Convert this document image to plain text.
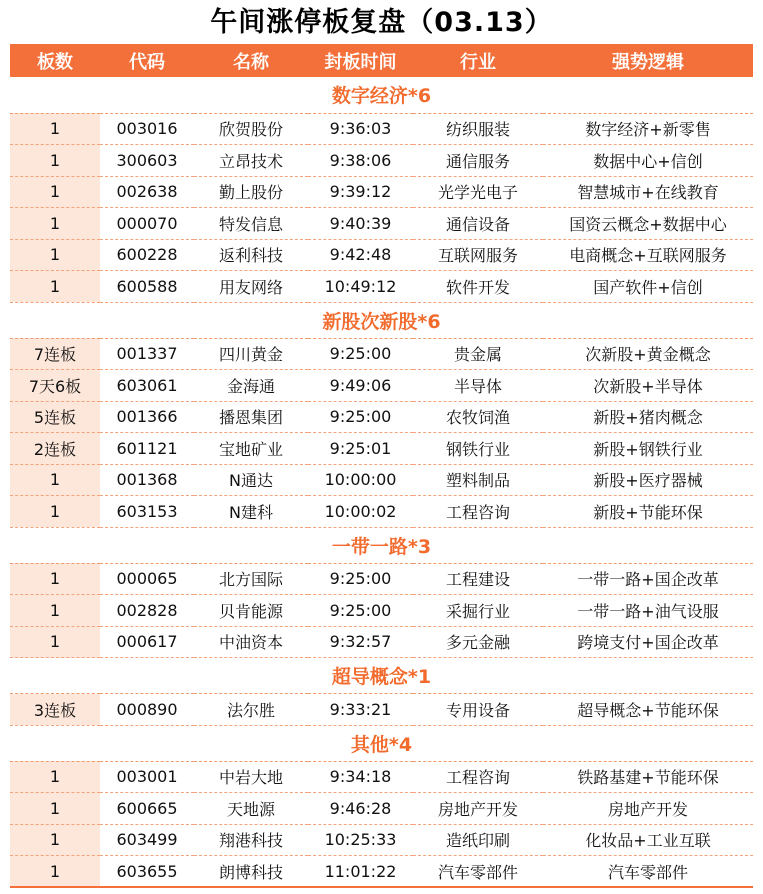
午间涨停板复盘（03.13）
板数	代码	名称	封板时间	行业	强势逻辑
数字经济*6					
1	003016	欣贺股份	9:36:03	纺织服装	数字经济+新零售
1	300603	立昂技术	9:38:06	通信服务	数据中心+信创
1	002638	勤上股份	9:39:12	光学光电子	智慧城市+在线教育
1	000070	特发信息	9:40:39	通信设备	国资云概念+数据中心
1	600228	返利科技	9:42:48	互联网服务	电商概念+互联网服务
1	600588	用友网络	10:49:12	软件开发	国产软件+信创
新股次新股*6					
7连板	001337	四川黄金	9:25:00	贵金属	次新股+黄金概念
7天6板	603061	金海通	9:49:06	半导体	次新股+半导体
5连板	001366	播恩集团	9:25:00	农牧饲渔	新股+猪肉概念
2连板	601121	宝地矿业	9:25:01	钢铁行业	新股+钢铁行业
1	001368	N通达	10:00:00	塑料制品	新股+医疗器械
1	603153	N建科	10:00:02	工程咨询	新股+节能环保
一带一路*3					
1	000065	北方国际	9:25:00	工程建设	一带一路+国企改革
1	002828	贝肯能源	9:25:00	采掘行业	一带一路+油气设服
1	000617	中油资本	9:32:57	多元金融	跨境支付+国企改革
超导概念*1					
3连板	000890	法尔胜	9:33:21	专用设备	超导概念+节能环保
其他*4					
1	003001	中岩大地	9:34:18	工程咨询	铁路基建+节能环保
1	600665	天地源	9:46:28	房地产开发	房地产开发
1	603499	翔港科技	10:25:33	造纸印刷	化妆品+工业互联
1	603655	朗博科技	11:01:22	汽车零部件	汽车零部件
